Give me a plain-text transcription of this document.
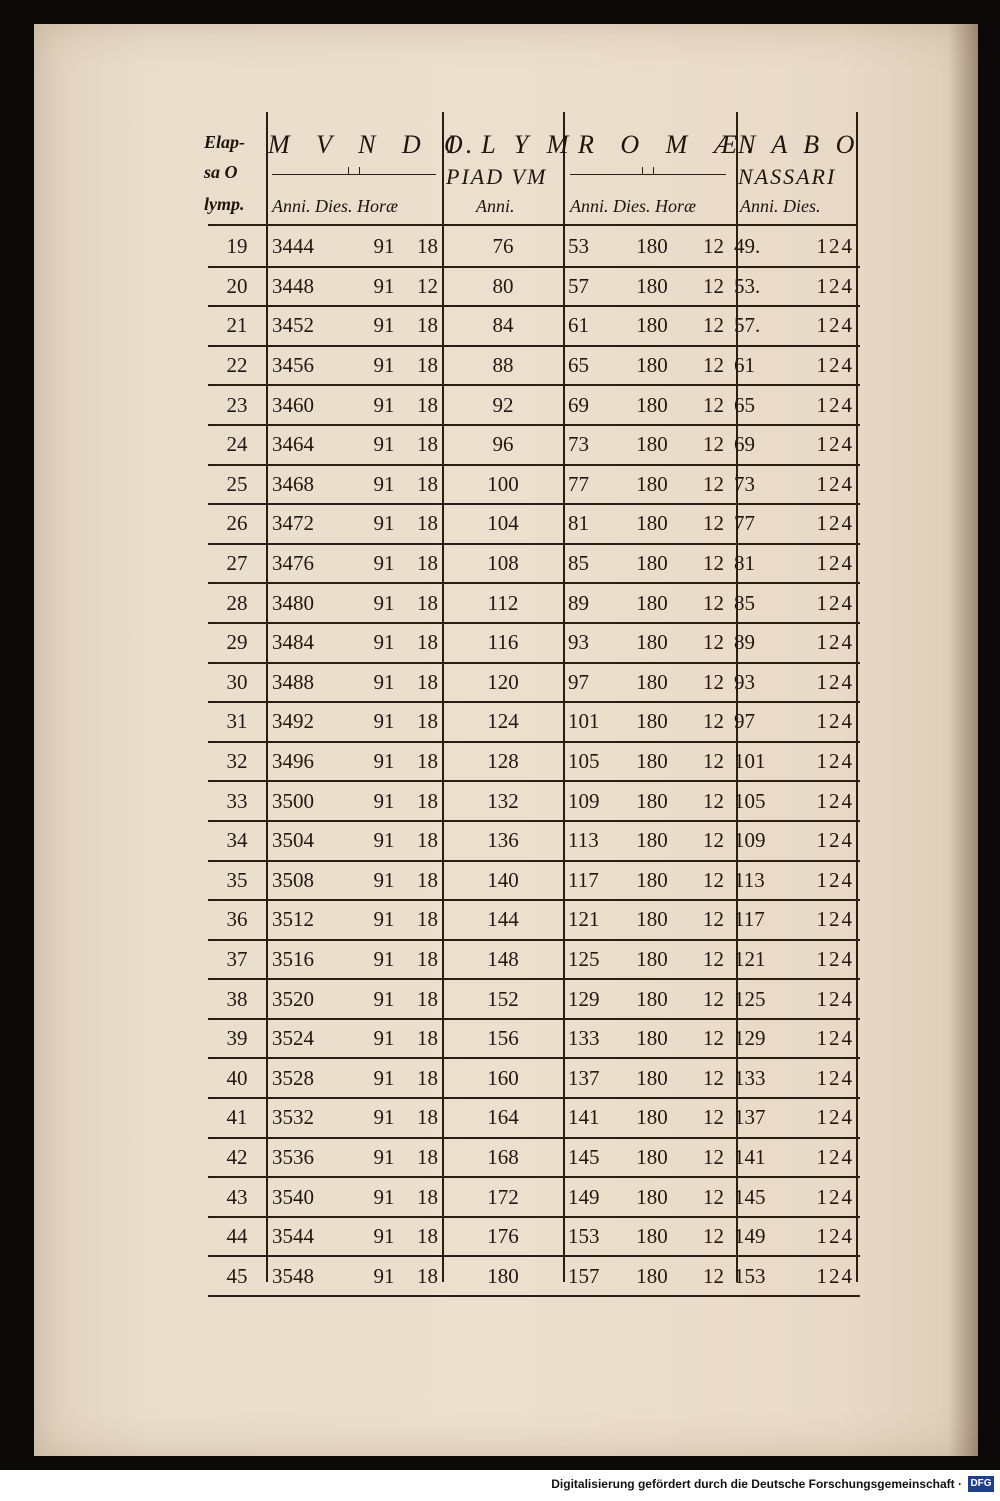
Elap-
sa O
lymp.
M V N D I.
Anni. Dies. Horæ
O L Y M
PIAD VM
Anni.
R O M Æ.
Anni. Dies. Horæ
N A B O
NASSARI
Anni. Dies.
19	3444	91	18	76	53	180	12	49.	124
20	3448	91	12	80	57	180	12	53.	124
21	3452	91	18	84	61	180	12	57.	124
22	3456	91	18	88	65	180	12	61	124
23	3460	91	18	92	69	180	12	65	124
24	3464	91	18	96	73	180	12	69	124
25	3468	91	18	100	77	180	12	73	124
26	3472	91	18	104	81	180	12	77	124
27	3476	91	18	108	85	180	12	81	124
28	3480	91	18	112	89	180	12	85	124
29	3484	91	18	116	93	180	12	89	124
30	3488	91	18	120	97	180	12	93	124
31	3492	91	18	124	101	180	12	97	124
32	3496	91	18	128	105	180	12	101	124
33	3500	91	18	132	109	180	12	105	124
34	3504	91	18	136	113	180	12	109	124
35	3508	91	18	140	117	180	12	113	124
36	3512	91	18	144	121	180	12	117	124
37	3516	91	18	148	125	180	12	121	124
38	3520	91	18	152	129	180	12	125	124
39	3524	91	18	156	133	180	12	129	124
40	3528	91	18	160	137	180	12	133	124
41	3532	91	18	164	141	180	12	137	124
42	3536	91	18	168	145	180	12	141	124
43	3540	91	18	172	149	180	12	145	124
44	3544	91	18	176	153	180	12	149	124
45	3548	91	18	180	157	180	12	153	124
Digitalisierung gefördert durch die Deutsche Forschungsgemeinschaft · DFG
